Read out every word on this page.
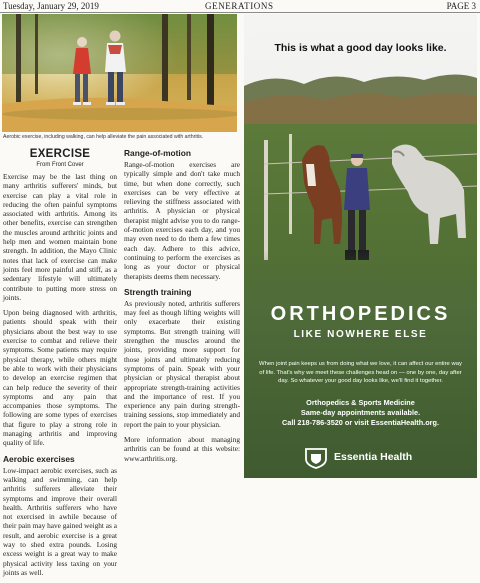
Tuesday, January 29, 2019	GENERATIONS	PAGE 3
Aerobic exercise, including walking, can help alleviate the pain associated with arthritis.
EXERCISE
From Front Cover

Exercise may be the last thing on many arthritis sufferers' minds, but exercise can play a vital role in reducing the often painful symptoms associated with arthritis. Among its other benefits, exercise can strengthen the muscles around arthritic joints and help men and women maintain bone strength. In addition, the Mayo Clinic notes that lack of exercise can make joints feel more painful and stiff, as a sedentary lifestyle will ultimately contribute to putting more stress on joints.

Upon being diagnosed with arthritis, patients should speak with their physicians about the best way to use exercise to combat and relieve their symptoms. Some patients may require physical therapy, while others might be able to work with their physicians to develop an exercise regimen that can help reduce the severity of their symptoms and any pain that accompanies those symptoms. The following are some types of exercises that figure to play a strong role in managing arthritis and improving quality of life.

Aerobic exercises

Low-impact aerobic exercises, such as walking and swimming, can help arthritis sufferers alleviate their symptoms and improve their overall health. Arthritis sufferers who have not exercised in awhile because of their pain may have gained weight as a result, and aerobic exercise is a great way to shed extra pounds. Losing excess weight is a great way to make physical activity less taxing on your joints as well.

Range-of-motion

Range-of-motion exercises are typically simple and don't take much time, but when done correctly, such exercises can be very effective at relieving the stiffness associated with arthritis. A physician or physical therapist might advise you to do range-of-motion exercises each day, and you may even need to do them a few times each day. Adhere to this advice, continuing to perform the exercises as long as your doctor or physical therapists deems them necessary.

Strength training

As previously noted, arthritis sufferers may feel as though lifting weights will only exacerbate their existing symptoms. But strength training will strengthen the muscles around the joints, providing more support for those joints and ultimately reducing symptoms of pain. Speak with your physician or physical therapist about appropriate strength-training activities and the importance of rest. If you experience any pain during strength-training sessions, stop immediately and report the pain to your physician.

More information about managing arthritis can be found at this website: www.arthritis.org.

This is what a good day looks like.
ORTHOPEDICS
LIKE NOWHERE ELSE
When joint pain keeps us from doing what we love, it can affect our entire way of life. That's why we meet these challenges head on — one by one, day after day. So whatever your good day looks like, we'll find it together.
Orthopedics & Sports Medicine
Same-day appointments available.
Call 218-786-3520 or visit EssentiaHealth.org.
Essentia Health
